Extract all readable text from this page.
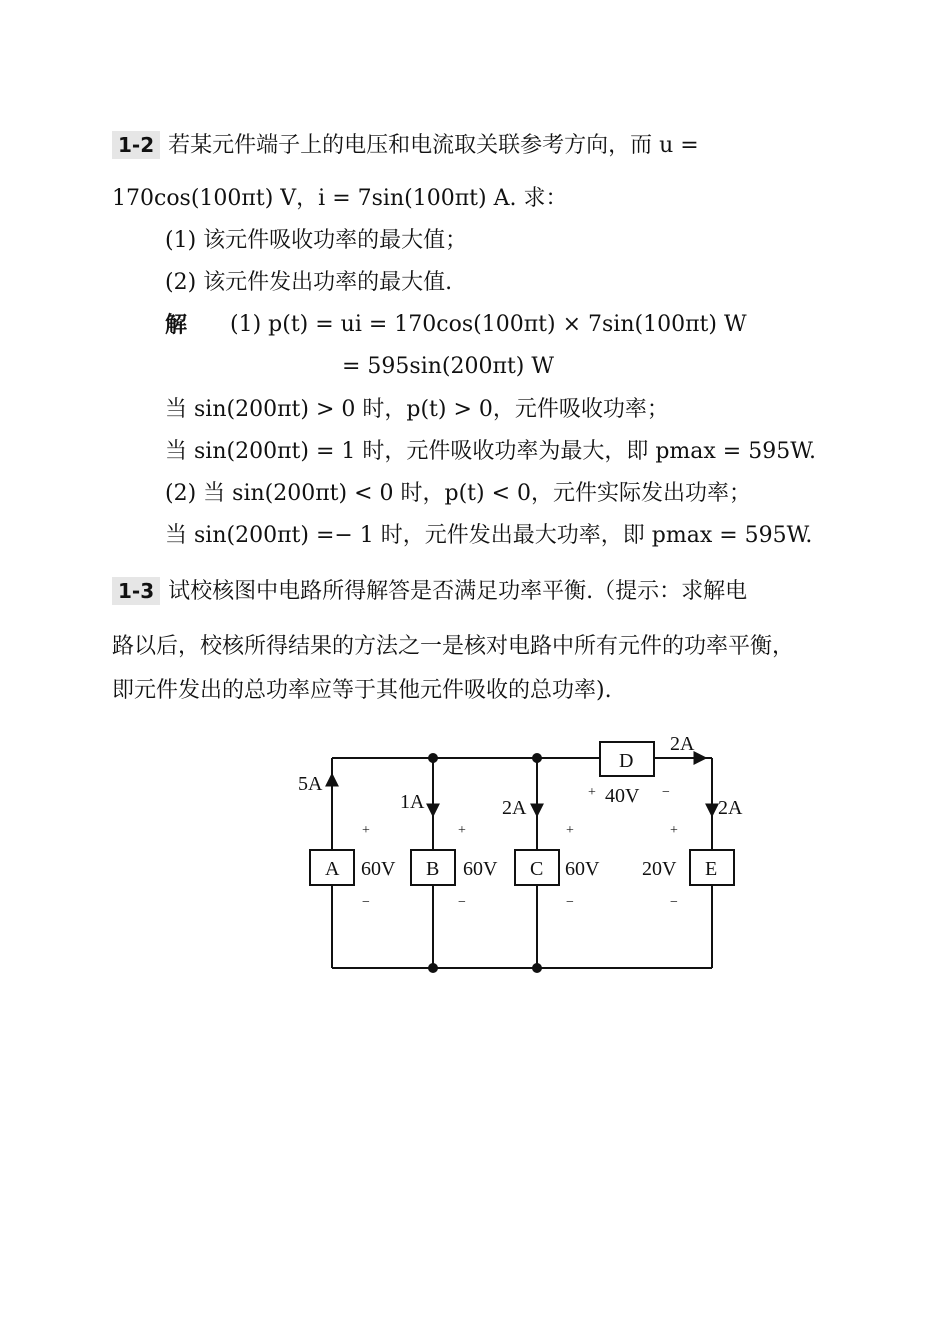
1-2 若某元件端子上的电压和电流取关联参考方向，而 u =
170cos(100πt) V，i = 7sin(100πt) A. 求：
(1) 该元件吸收功率的最大值；
(2) 该元件发出功率的最大值.
解 (1) p(t) = ui = 170cos(100πt) × 7sin(100πt) W
= 595sin(200πt) W
当 sin(200πt) > 0 时，p(t) > 0，元件吸收功率；
当 sin(200πt) = 1 时，元件吸收功率为最大，即 pmax = 595W.
(2) 当 sin(200πt) < 0 时，p(t) < 0，元件实际发出功率；
当 sin(200πt) =− 1 时，元件发出最大功率，即 pmax = 595W.
1-3 试校核图中电路所得解答是否满足功率平衡.（提示：求解电
路以后，校核所得结果的方法之一是核对电路中所有元件的功率平衡，
即元件发出的总功率应等于其他元件吸收的总功率).
A	B	C
D
E
5A
1A	2A
2A
2A
60V	60V	60V
40V
20V
+
−
+
−
+
−
+	−
+
−
